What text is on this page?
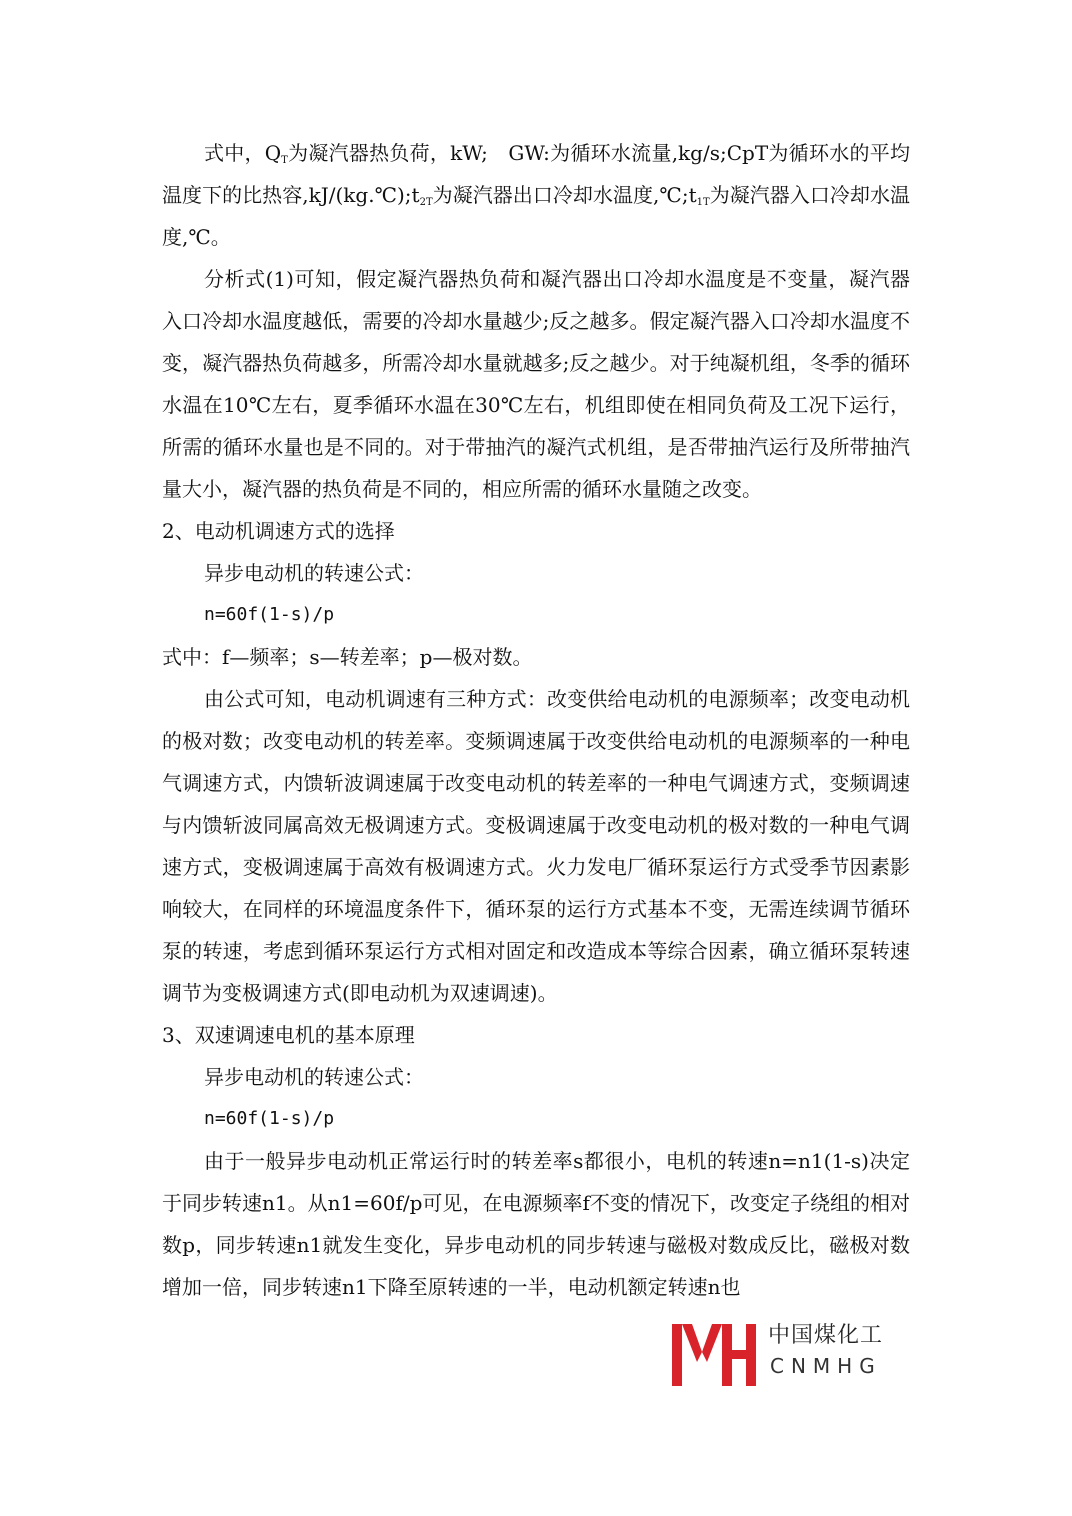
式中，$Q_T$为凝汽器热负荷，kW;　GW:为循环水流量,kg/s;CpT为循环水的平均温度下的比热容$,kJ/(kg.℃);t_{2T}$为凝汽器出口冷却水温度$,℃;t_{1T}$为凝汽器入口冷却水温度,℃。

分析式(1)可知，假定凝汽器热负荷和凝汽器出口冷却水温度是不变量，凝汽器入口冷却水温度越低，需要的冷却水量越少;反之越多。假定凝汽器入口冷却水温度不变，凝汽器热负荷越多，所需冷却水量就越多;反之越少。对于纯凝机组，冬季的循环水温在10℃左右，夏季循环水温在30℃左右，机组即使在相同负荷及工况下运行，所需的循环水量也是不同的。对于带抽汽的凝汽式机组，是否带抽汽运行及所带抽汽量大小，凝汽器的热负荷是不同的，相应所需的循环水量随之改变。

2、电动机调速方式的选择

异步电动机的转速公式：

n=60f(1-s)/p

式中：f—频率；s—转差率；p—极对数。

由公式可知，电动机调速有三种方式：改变供给电动机的电源频率；改变电动机的极对数；改变电动机的转差率。变频调速属于改变供给电动机的电源频率的一种电气调速方式，内馈斩波调速属于改变电动机的转差率的一种电气调速方式，变频调速与内馈斩波同属高效无极调速方式。变极调速属于改变电动机的极对数的一种电气调速方式，变极调速属于高效有极调速方式。火力发电厂循环泵运行方式受季节因素影响较大，在同样的环境温度条件下，循环泵的运行方式基本不变，无需连续调节循环泵的转速，考虑到循环泵运行方式相对固定和改造成本等综合因素，确立循环泵转速调节为变极调速方式(即电动机为双速调速)。

3、双速调速电机的基本原理

异步电动机的转速公式：

n=60f(1-s)/p

由于一般异步电动机正常运行时的转差率s都很小，电机的转速n=n1(1-s)决定于同步转速n1。从n1=60f/p可见，在电源频率f不变的情况下，改变定子绕组的相对数p，同步转速n1就发生变化，异步电动机的同步转速与磁极对数成反比，磁极对数增加一倍，同步转速n1下降至原转速的一半，电动机额定转速n也

中国煤化工
CNMHG
